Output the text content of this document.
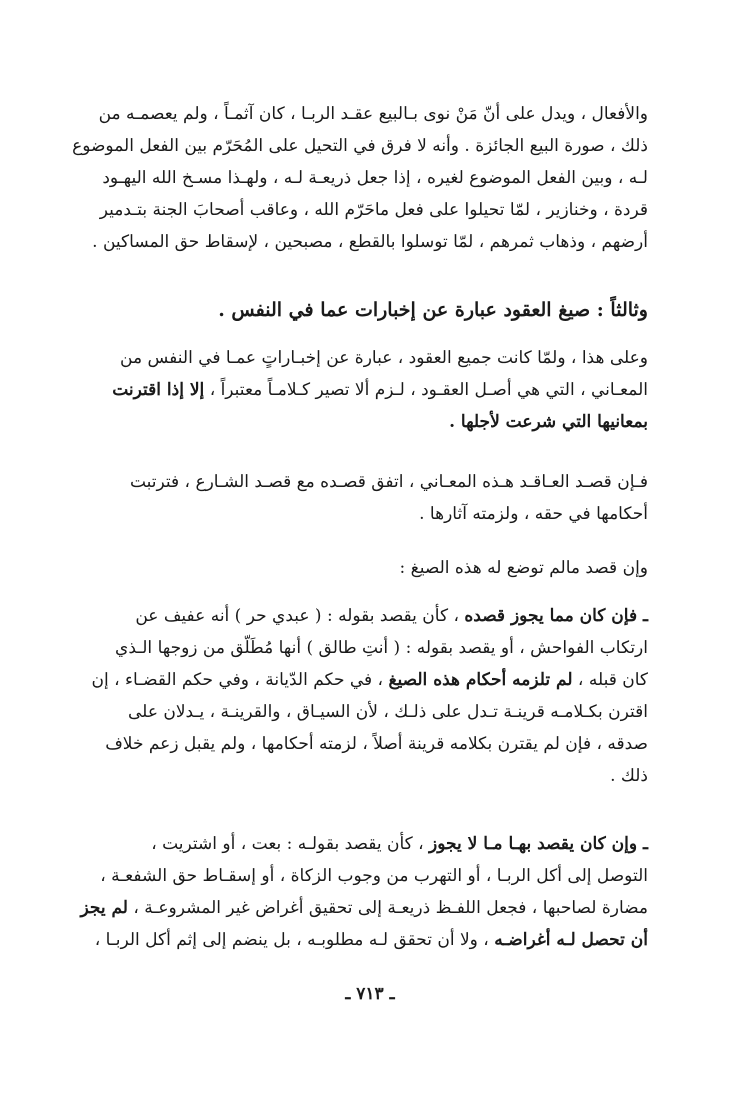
والأفعال ، ويدل على أنّ مَنْ نوى بـالبيع عقـد الربـا ، كان آثمـاً ، ولم يعصمـه من
ذلك ، صورة البيع الجائزة . وأنه لا فرق في التحيل على المُحَرّم بين الفعل الموضوع
لـه ، وبين الفعل الموضوع لغيره ، إذا جعل ذريعـة لـه ، ولهـذا مسـخ الله اليهـود
قردة ، وخنازير ، لمّا تحيلوا على فعل ماحَرّم الله ، وعاقب أصحابَ الجنة بتـدمير
أرضهم ، وذهاب ثمرهم ، لمّا توسلوا بالقطع ، مصبحين ، لإسقاط حق المساكين .
وثالثاً : صيغ العقود عبارة عن إخبارات عما في النفس .
وعلى هذا ، ولمّا كانت جميع العقود ، عبارة عن إخبـاراتٍ عمـا في النفس من
المعـاني ، التي هي أصـل العقـود ، لـزم ألا تصير كـلامـاً معتبراً ، إلا إذا اقترنت
بمعانيها التي شرعت لأجلها .
فـإن قصـد العـاقـد هـذه المعـاني ، اتفق قصـده مع قصـد الشـارع ، فترتبت
أحكامها في حقه ، ولزمته آثارها .
وإن قصد مالم توضع له هذه الصيغ :
ـ فإن كان مما يجوز قصده ، كأن يقصد بقوله : ( عبدي حر ) أنه عفيف عن
ارتكاب الفواحش ، أو يقصد بقوله : ( أنتِ طالق ) أنها مُطَلّق من زوجها الـذي
كان قبله ، لم تلزمه أحكام هذه الصيغ ، في حكم الدّيانة ، وفي حكم القضـاء ، إن
اقترن بكـلامـه قرينـة تـدل على ذلـك ، لأن السيـاق ، والقرينـة ، يـدلان على
صدقه ، فإن لم يقترن بكلامه قرينة أصلاً ، لزمته أحكامها ، ولم يقبل زعم خلاف
ذلك .
ـ وإن كان يقصد بهـا مـا لا يجوز ، كأن يقصد بقولـه : بعت ، أو اشتريت ،
التوصل إلى أكل الربـا ، أو التهرب من وجوب الزكاة ، أو إسقـاط حق الشفعـة ،
مضارة لصاحبها ، فجعل اللفـظ ذريعـة إلى تحقيق أغراض غير المشروعـة ، لم يجز
أن تحصل لـه أغراضـه ، ولا أن تحقق لـه مطلوبـه ، بل ينضم إلى إثم أكل الربـا ،
ـ ٧١٣ ـ
